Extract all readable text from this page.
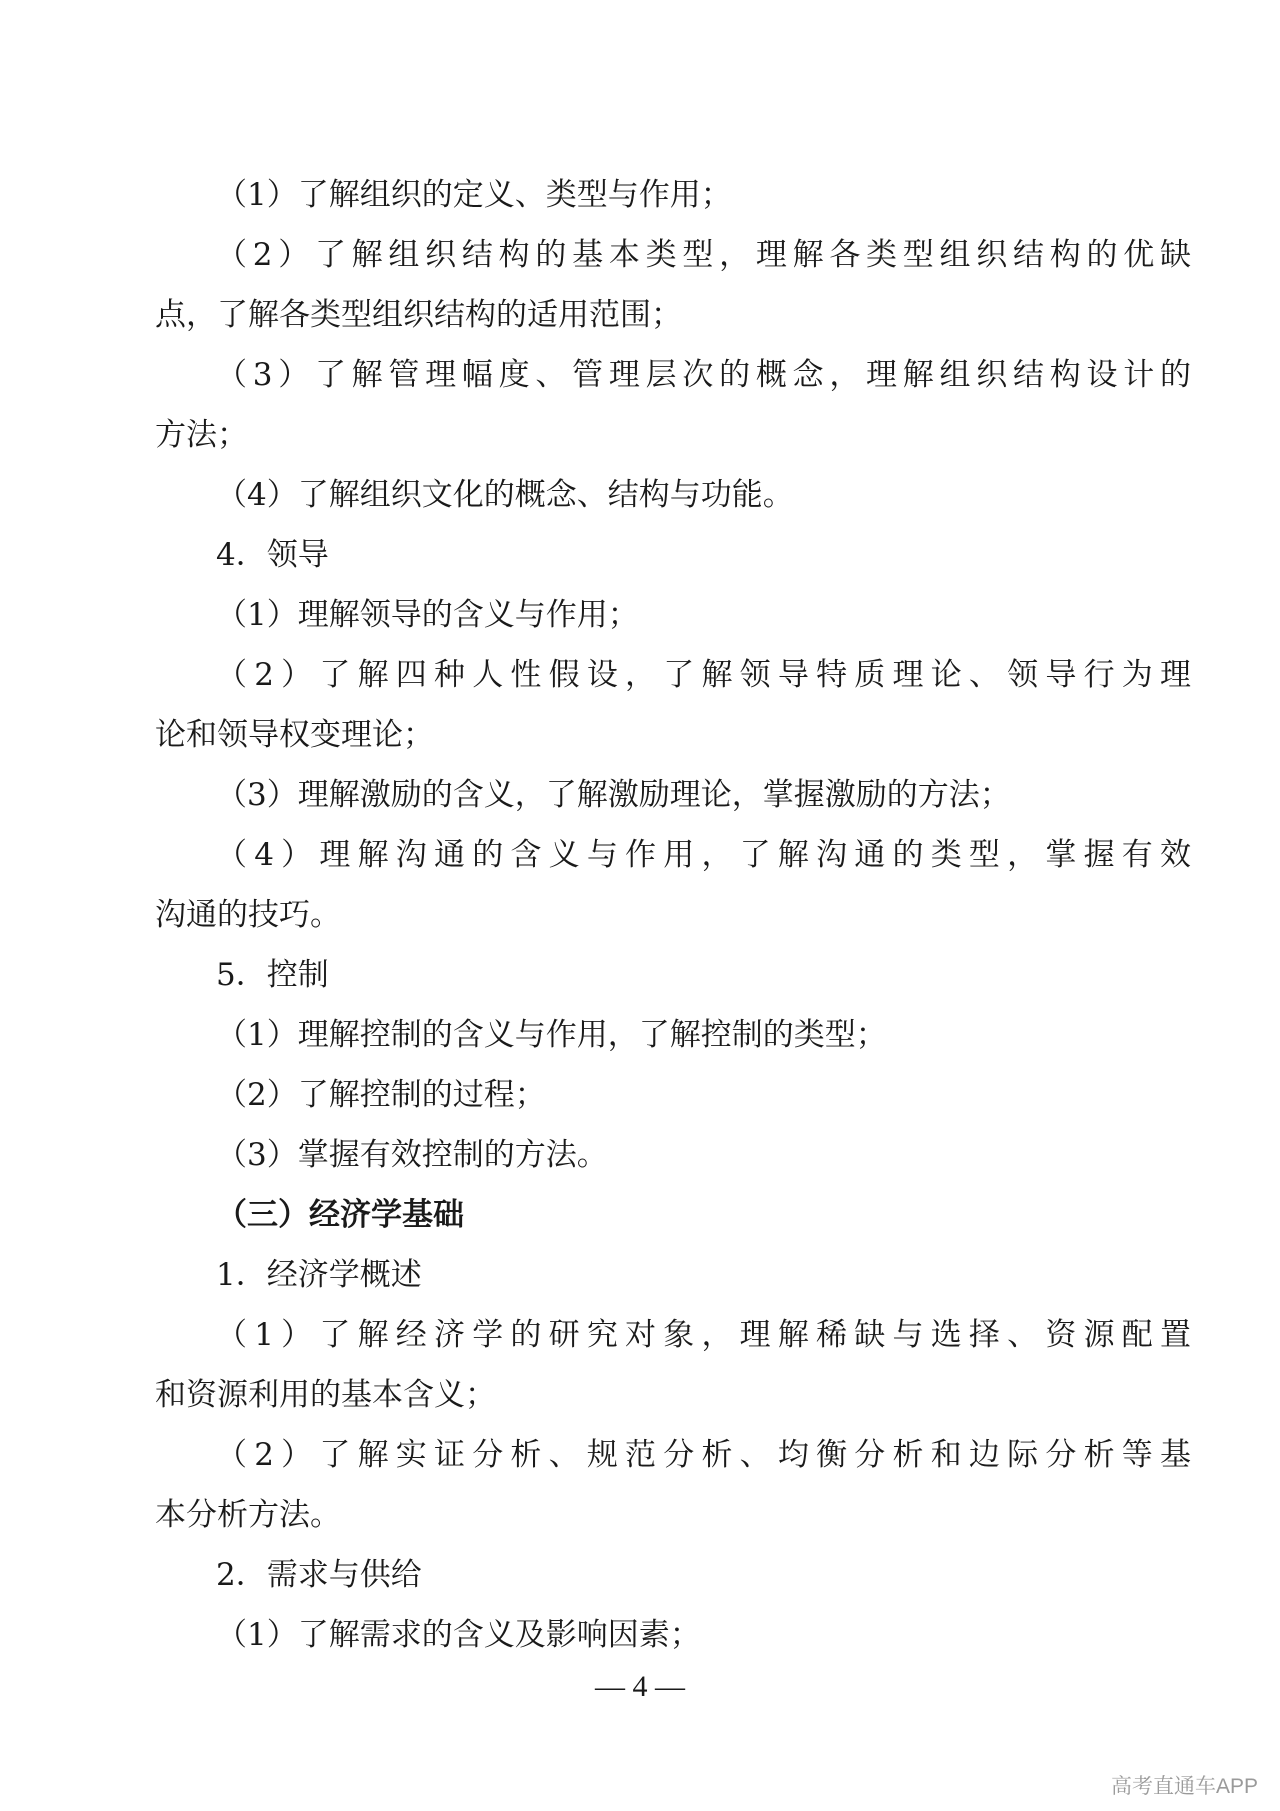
（1）了解组织的定义、类型与作用；
（2）了解组织结构的基本类型，理解各类型组织结构的优缺
点，了解各类型组织结构的适用范围；
（3）了解管理幅度、管理层次的概念，理解组织结构设计的
方法；
（4）了解组织文化的概念、结构与功能。
4．领导
（1）理解领导的含义与作用；
（2）了解四种人性假设，了解领导特质理论、领导行为理
论和领导权变理论；
（3）理解激励的含义，了解激励理论，掌握激励的方法；
（4）理解沟通的含义与作用，了解沟通的类型，掌握有效
沟通的技巧。
5．控制
（1）理解控制的含义与作用，了解控制的类型；
（2）了解控制的过程；
（3）掌握有效控制的方法。
（三）经济学基础
1．经济学概述
（1）了解经济学的研究对象，理解稀缺与选择、资源配置
和资源利用的基本含义；
（2）了解实证分析、规范分析、均衡分析和边际分析等基
本分析方法。
2．需求与供给
（1）了解需求的含义及影响因素；
— 4 —
高考直通车APP
